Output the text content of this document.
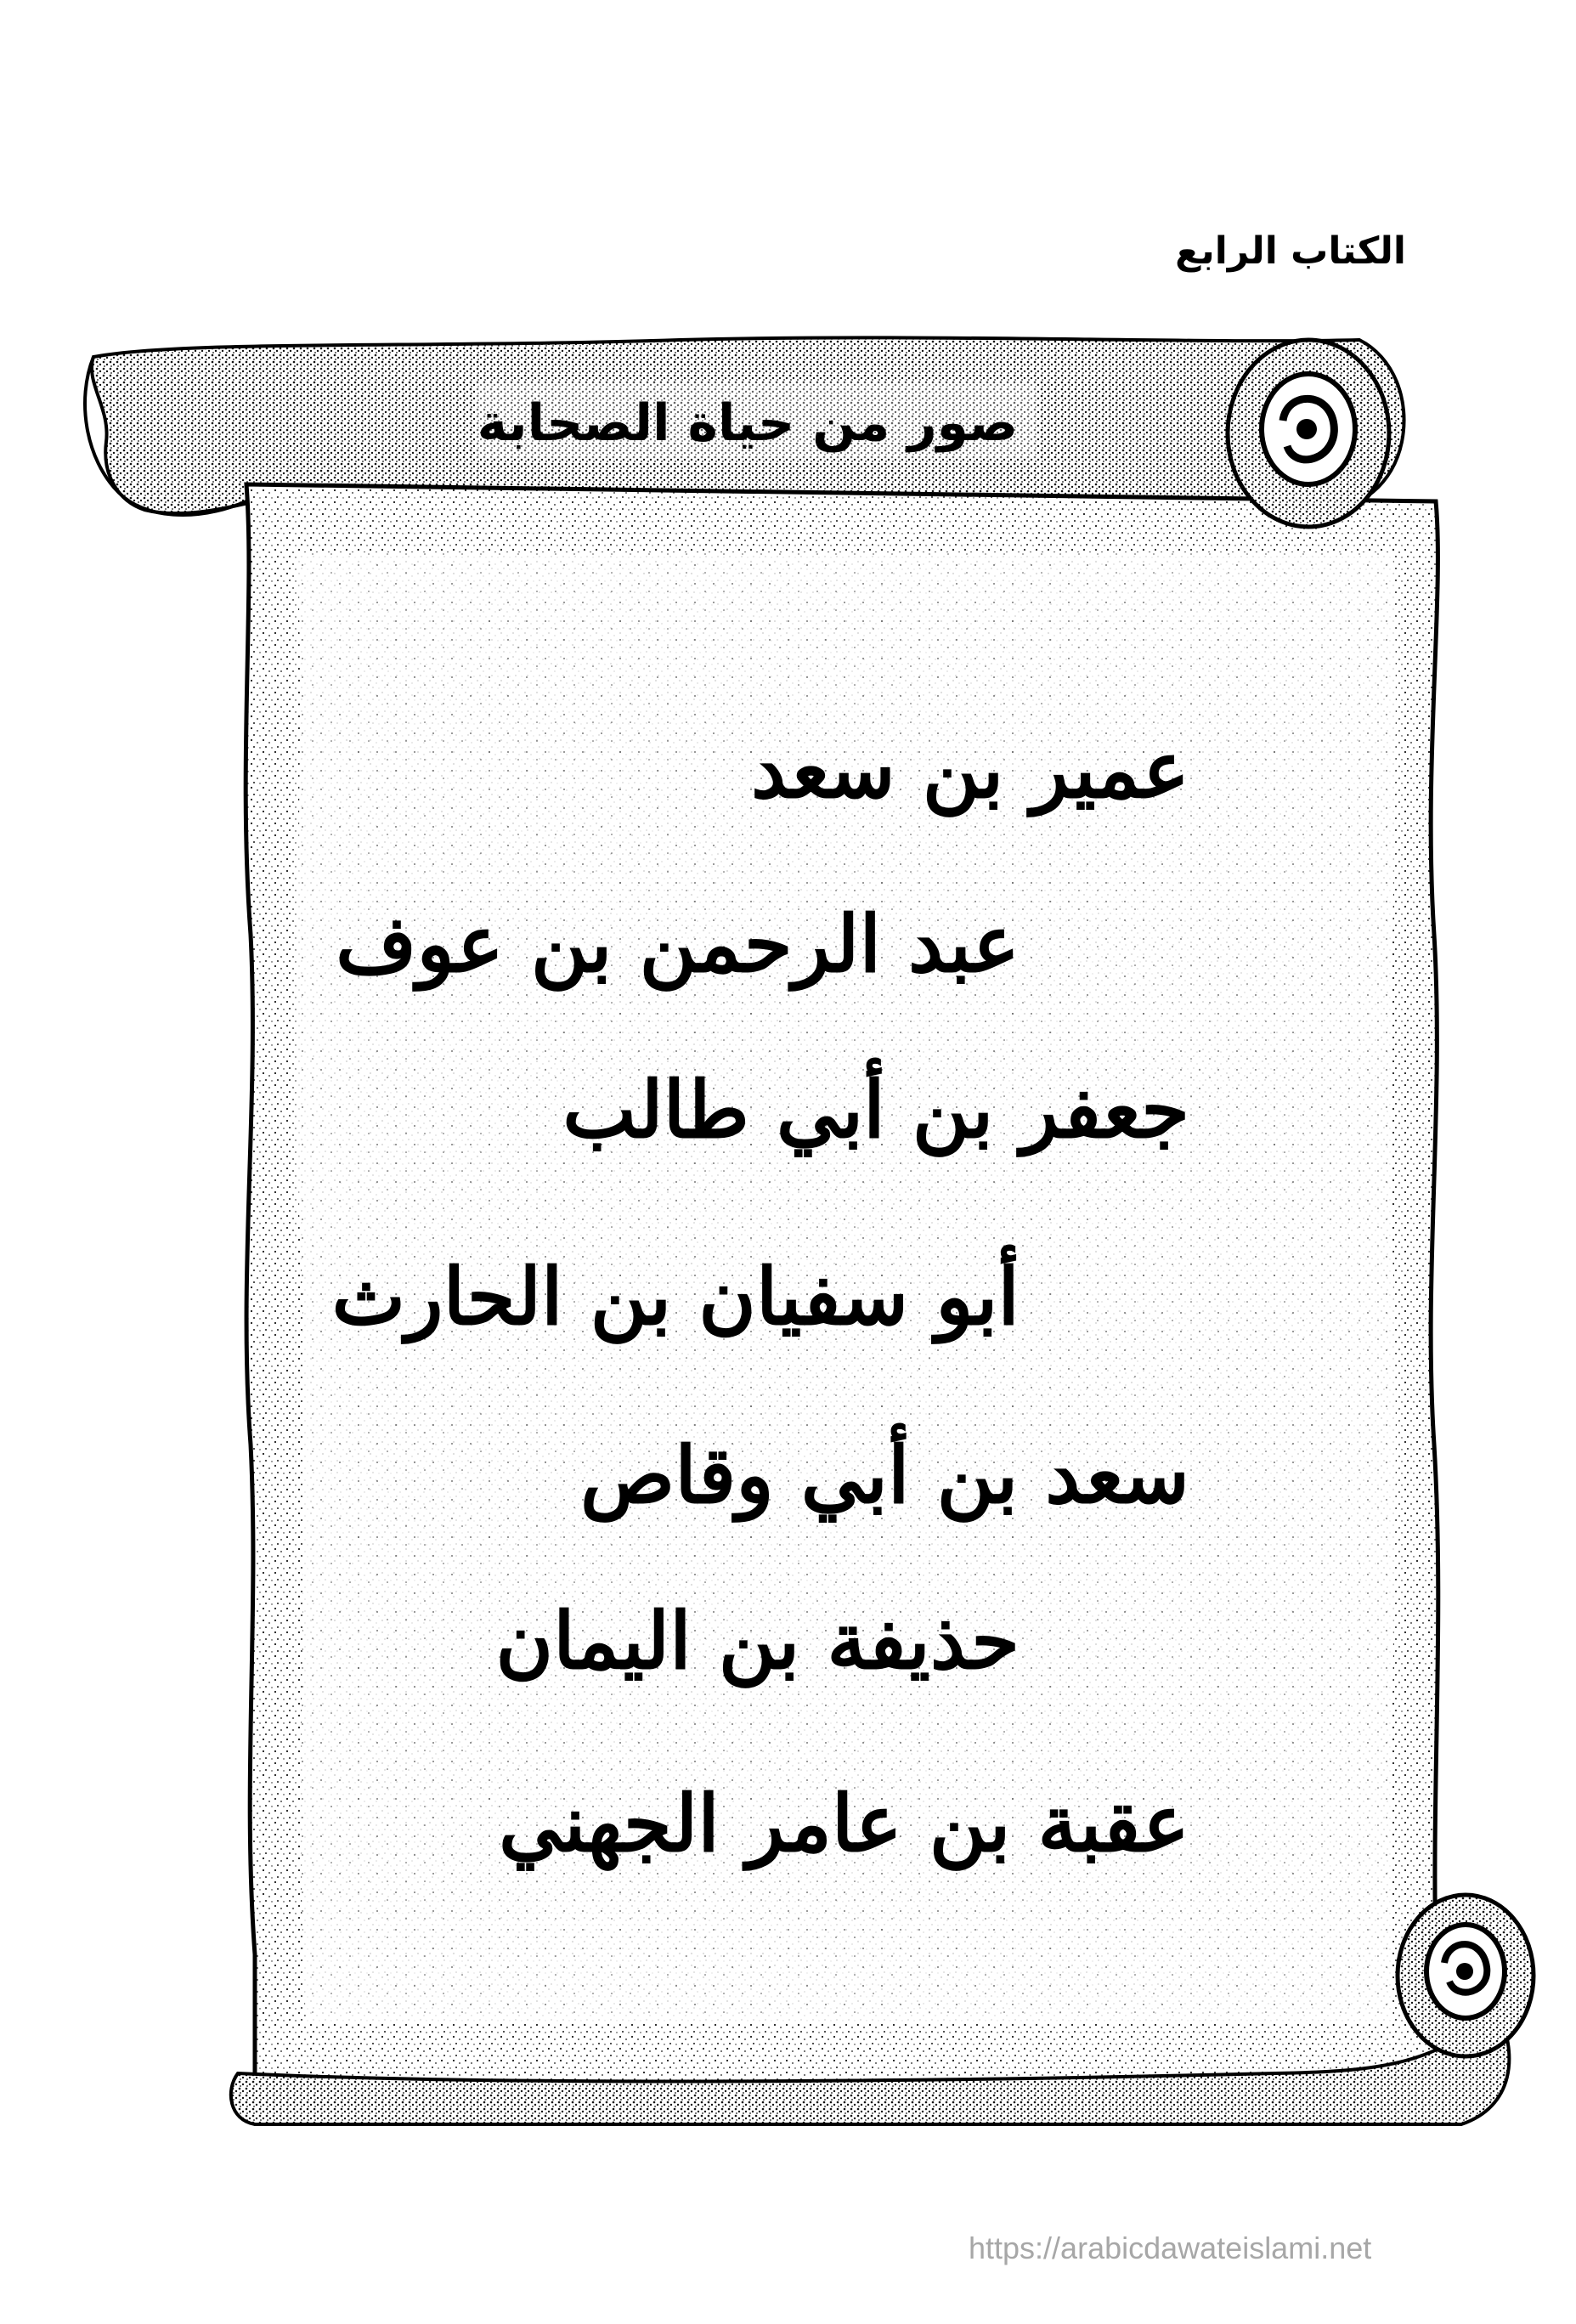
الكتاب الرابع
صور من حياة الصحابة
عمير بن سعد
عبد الرحمن بن عوف
جعفر بن أبي طالب
أبو سفيان بن الحارث
سعد بن أبي وقاص
حذيفة بن اليمان
عقبة بن عامر الجهني
https://arabicdawateislami.net
